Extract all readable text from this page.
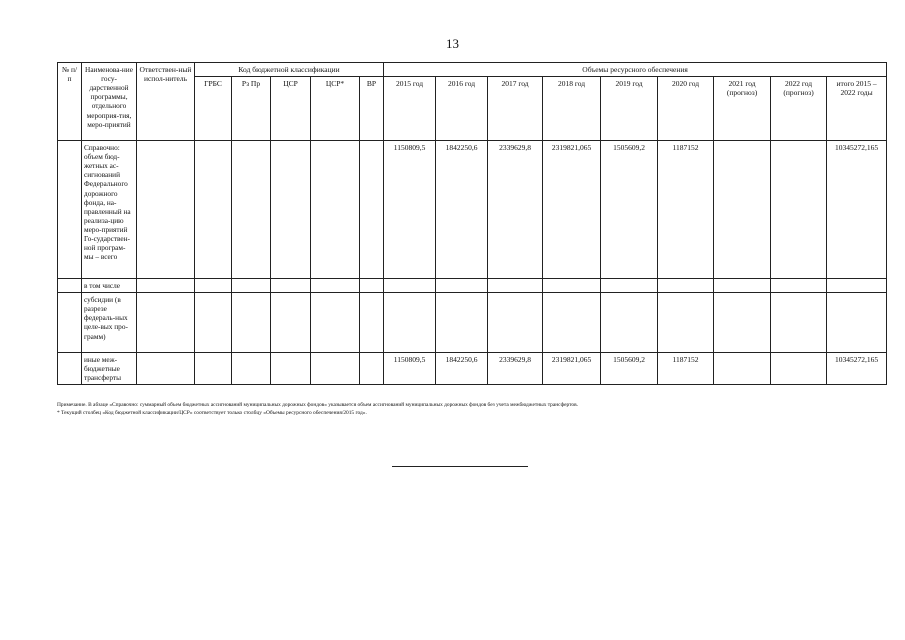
13
№ п/п	Наименова-ние госу-дарственной программы, отдельного мероприя-тия, меро-приятий	Ответствен-ный испол-нитель	Код бюджетной классификации					Объемы ресурсного обеспечения								
			ГРБС	Рз Пр	ЦСР	ЦСР*	ВР	2015 год	2016 год	2017 год	2018 год	2019 год	2020 год	2021 год (прогноз)	2022 год (прогноз)	итого 2015 – 2022 годы
	Справочно: объем бюд-жетных ас-сигнований Федерального дорожного фонда, на-правленный на реализа-цию меро-приятий Го-сударствен-ной програм-мы – всего							1150809,5	1842250,6	2339629,8	2319821,065	1505609,2	1187152			10345272,165
	в том числе															
	субсидии (в разрезе федераль-ных целе-вых про-грамм)															
	иные меж-бюджетные трансферты							1150809,5	1842250,6	2339629,8	2319821,065	1505609,2	1187152			10345272,165
Примечание. В абзаце «Справочно: суммарный объем бюджетных ассигнований муниципальных дорожных фондов» указывается объем ассигнований муниципальных дорожных фондов без учета межбюджетных трансфертов.
* Текущий столбец «Код бюджетной классификации/ЦСР» соответствует только столбцу «Объемы ресурсного обеспечения/2015 год».
